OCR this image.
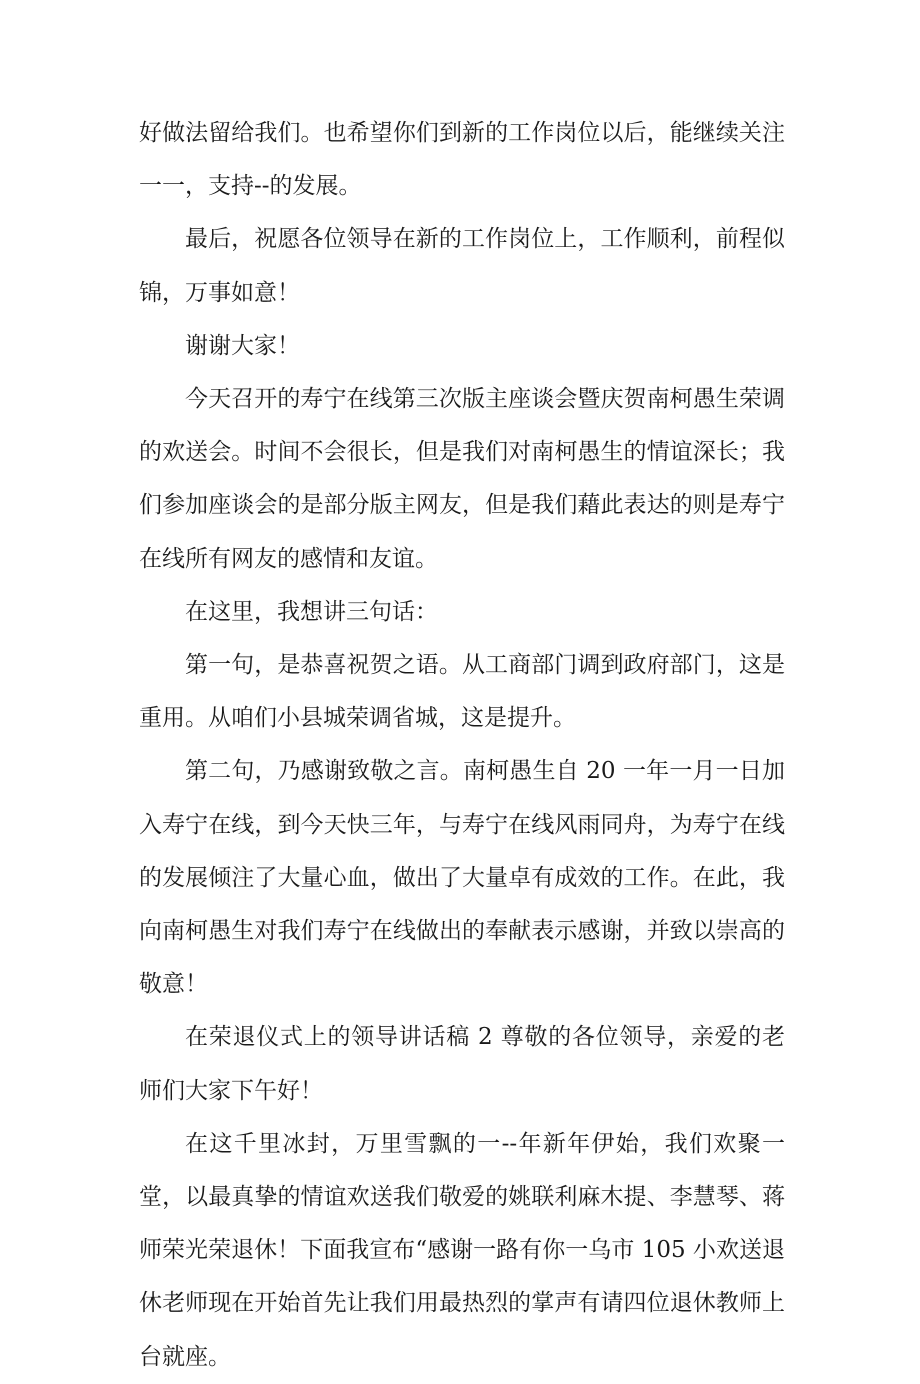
好做法留给我们。也希望你们到新的工作岗位以后，能继续关注一一，支持--的发展。

最后，祝愿各位领导在新的工作岗位上，工作顺利，前程似锦，万事如意！

谢谢大家！

今天召开的寿宁在线第三次版主座谈会暨庆贺南柯愚生荣调的欢送会。时间不会很长，但是我们对南柯愚生的情谊深长；我们参加座谈会的是部分版主网友，但是我们藉此表达的则是寿宁在线所有网友的感情和友谊。

在这里，我想讲三句话：

第一句，是恭喜祝贺之语。从工商部门调到政府部门，这是重用。从咱们小县城荣调省城，这是提升。

第二句，乃感谢致敬之言。南柯愚生自 20 一年一月一日加入寿宁在线，到今天快三年，与寿宁在线风雨同舟，为寿宁在线的发展倾注了大量心血，做出了大量卓有成效的工作。在此，我向南柯愚生对我们寿宁在线做出的奉献表示感谢，并致以崇高的敬意！

在荣退仪式上的领导讲话稿 2 尊敬的各位领导，亲爱的老师们大家下午好！

在这千里冰封，万里雪飘的一--年新年伊始，我们欢聚一堂，以最真挚的情谊欢送我们敬爱的姚联利麻木提、李慧琴、蒋师荣光荣退休！下面我宣布“感谢一路有你一乌市 105 小欢送退休老师现在开始首先让我们用最热烈的掌声有请四位退休教师上台就座。
